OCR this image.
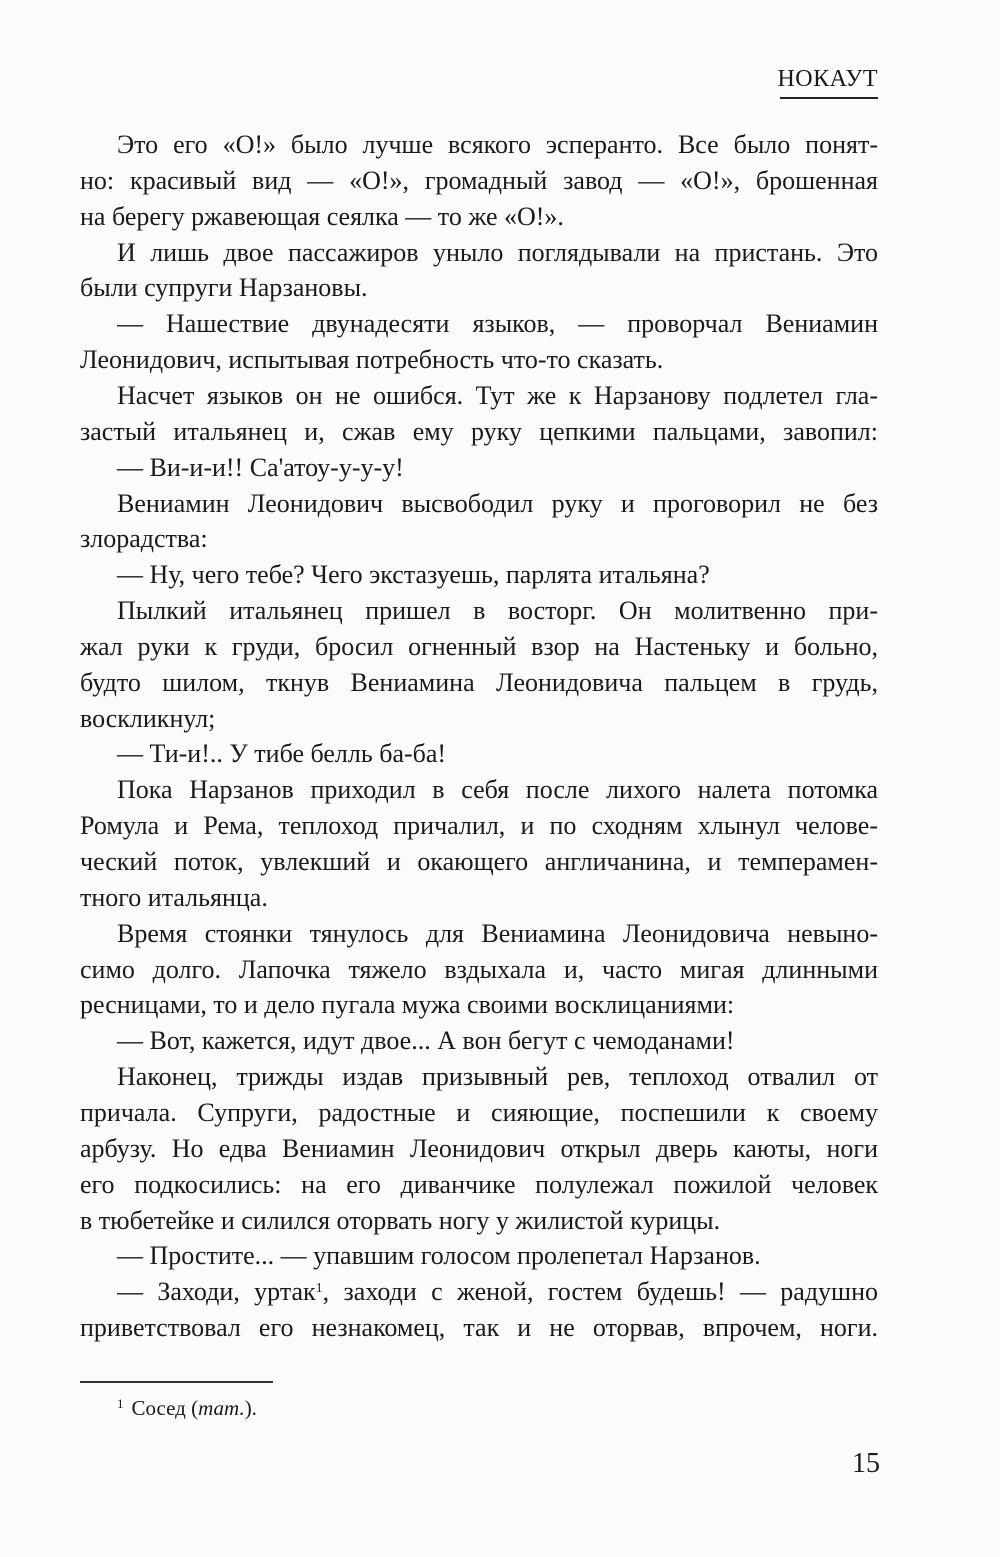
НОКАУТ
Это его «О!» было лучше всякого эсперанто. Все было понят-
но: красивый вид — «О!», громадный завод — «О!», брошенная
на берегу ржавеющая сеялка — то же «О!».
И лишь двое пассажиров уныло поглядывали на пристань. Это
были супруги Нарзановы.
— Нашествие двунадесяти языков, — проворчал Вениамин
Леонидович, испытывая потребность что-то сказать.
Насчет языков он не ошибся. Тут же к Нарзанову подлетел гла-
застый итальянец и, сжав ему руку цепкими пальцами, завопил:
— Ви-и-и!! Са'атоу-у-у-у!
Вениамин Леонидович высвободил руку и проговорил не без
злорадства:
— Ну, чего тебе? Чего экстазуешь, парлята итальяна?
Пылкий итальянец пришел в восторг. Он молитвенно при-
жал руки к груди, бросил огненный взор на Настеньку и больно,
будто шилом, ткнув Вениамина Леонидовича пальцем в грудь,
воскликнул;
— Ти-и!.. У тибе белль ба-ба!
Пока Нарзанов приходил в себя после лихого налета потомка
Ромула и Рема, теплоход причалил, и по сходням хлынул челове-
ческий поток, увлекший и окающего англичанина, и темперамен-
тного итальянца.
Время стоянки тянулось для Вениамина Леонидовича невыно-
симо долго. Лапочка тяжело вздыхала и, часто мигая длинными
ресницами, то и дело пугала мужа своими восклицаниями:
— Вот, кажется, идут двое... А вон бегут с чемоданами!
Наконец, трижды издав призывный рев, теплоход отвалил от
причала. Супруги, радостные и сияющие, поспешили к своему
арбузу. Но едва Вениамин Леонидович открыл дверь каюты, ноги
его подкосились: на его диванчике полулежал пожилой человек
в тюбетейке и силился оторвать ногу у жилистой курицы.
— Простите... — упавшим голосом пролепетал Нарзанов.
— Заходи, уртак$^1$, заходи с женой, гостем будешь! — радушно
приветствовал его незнакомец, так и не оторвав, впрочем, ноги.
$^1$ Сосед (тат.).
15
